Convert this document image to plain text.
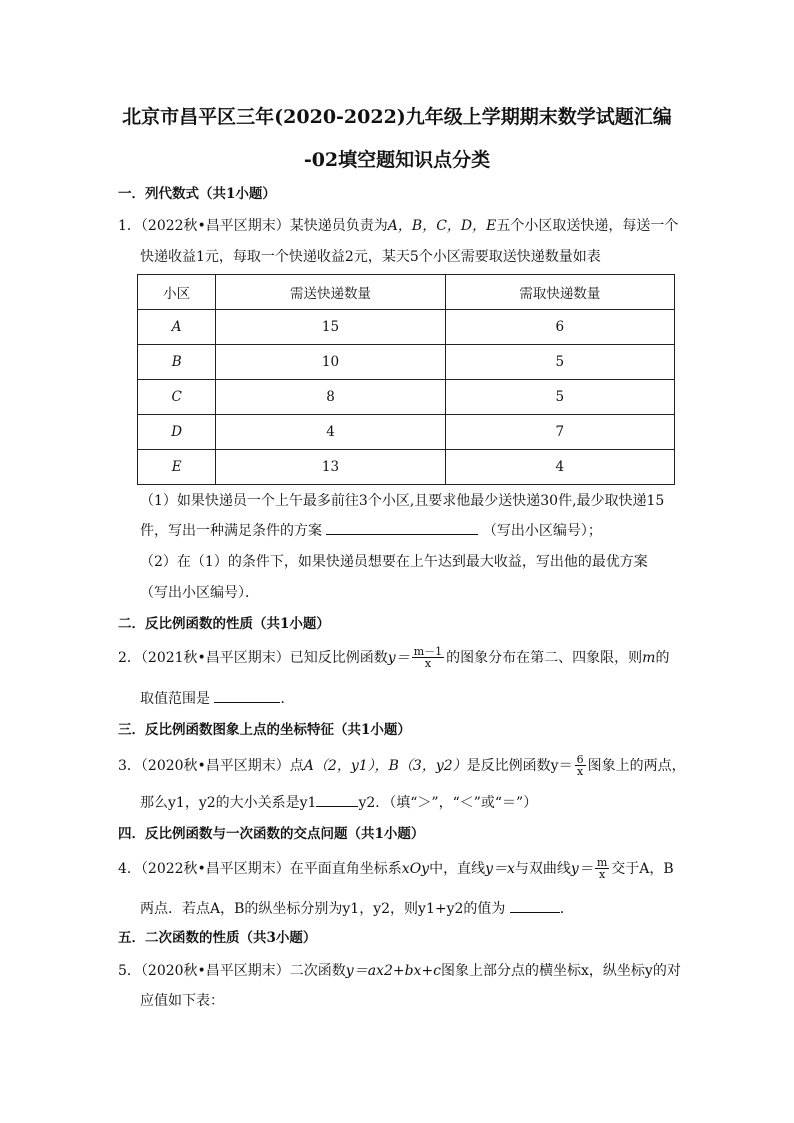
北京市昌平区三年(2020-2022)九年级上学期期末数学试题汇编
-02填空题知识点分类
一．列代数式（共1小题）
1．（2022秋•昌平区期末）某快递员负责为A，B，C，D，E五个小区取送快递，每送一个
快递收益1元，每取一个快递收益2元，某天5个小区需要取送快递数量如表
小区	需送快递数量	需取快递数量
A	15	6
B	10	5
C	8	5
D	4	7
E	13	4
（1）如果快递员一个上午最多前往3个小区,且要求他最少送快递30件,最少取快递15
件，写出一种满足条件的方案	（写出小区编号）；
（2）在（1）的条件下，如果快递员想要在上午达到最大收益，写出他的最优方案
（写出小区编号）．
二．反比例函数的性质（共1小题）
2．（2021秋•昌平区期末）已知反比例函数$y= \frac{m-1}{x}$ 的图象分布在第二、四象限，则m的
取值范围是	．
三．反比例函数图象上点的坐标特征（共1小题）
3．（2020秋•昌平区期末）点A（2，y1），B（3，y2）是反比例函数$y= \frac{6}{x}$ 图象上的两点，
那么y1，y2的大小关系是y1	y2．（填“＞”，“＜”或“＝”）
四．反比例函数与一次函数的交点问题（共1小题）
4．（2022秋•昌平区期末）在平面直角坐标系xOy中，直线y＝x与双曲线$y= \frac{m}{x}$ 交于A，B
两点．若点A，B的纵坐标分别为y1，y2，则y1+y2的值为	．
五．二次函数的性质（共3小题）
5．（2020秋•昌平区期末）二次函数y＝ax2+bx+c图象上部分点的横坐标x，纵坐标y的对
应值如下表：
